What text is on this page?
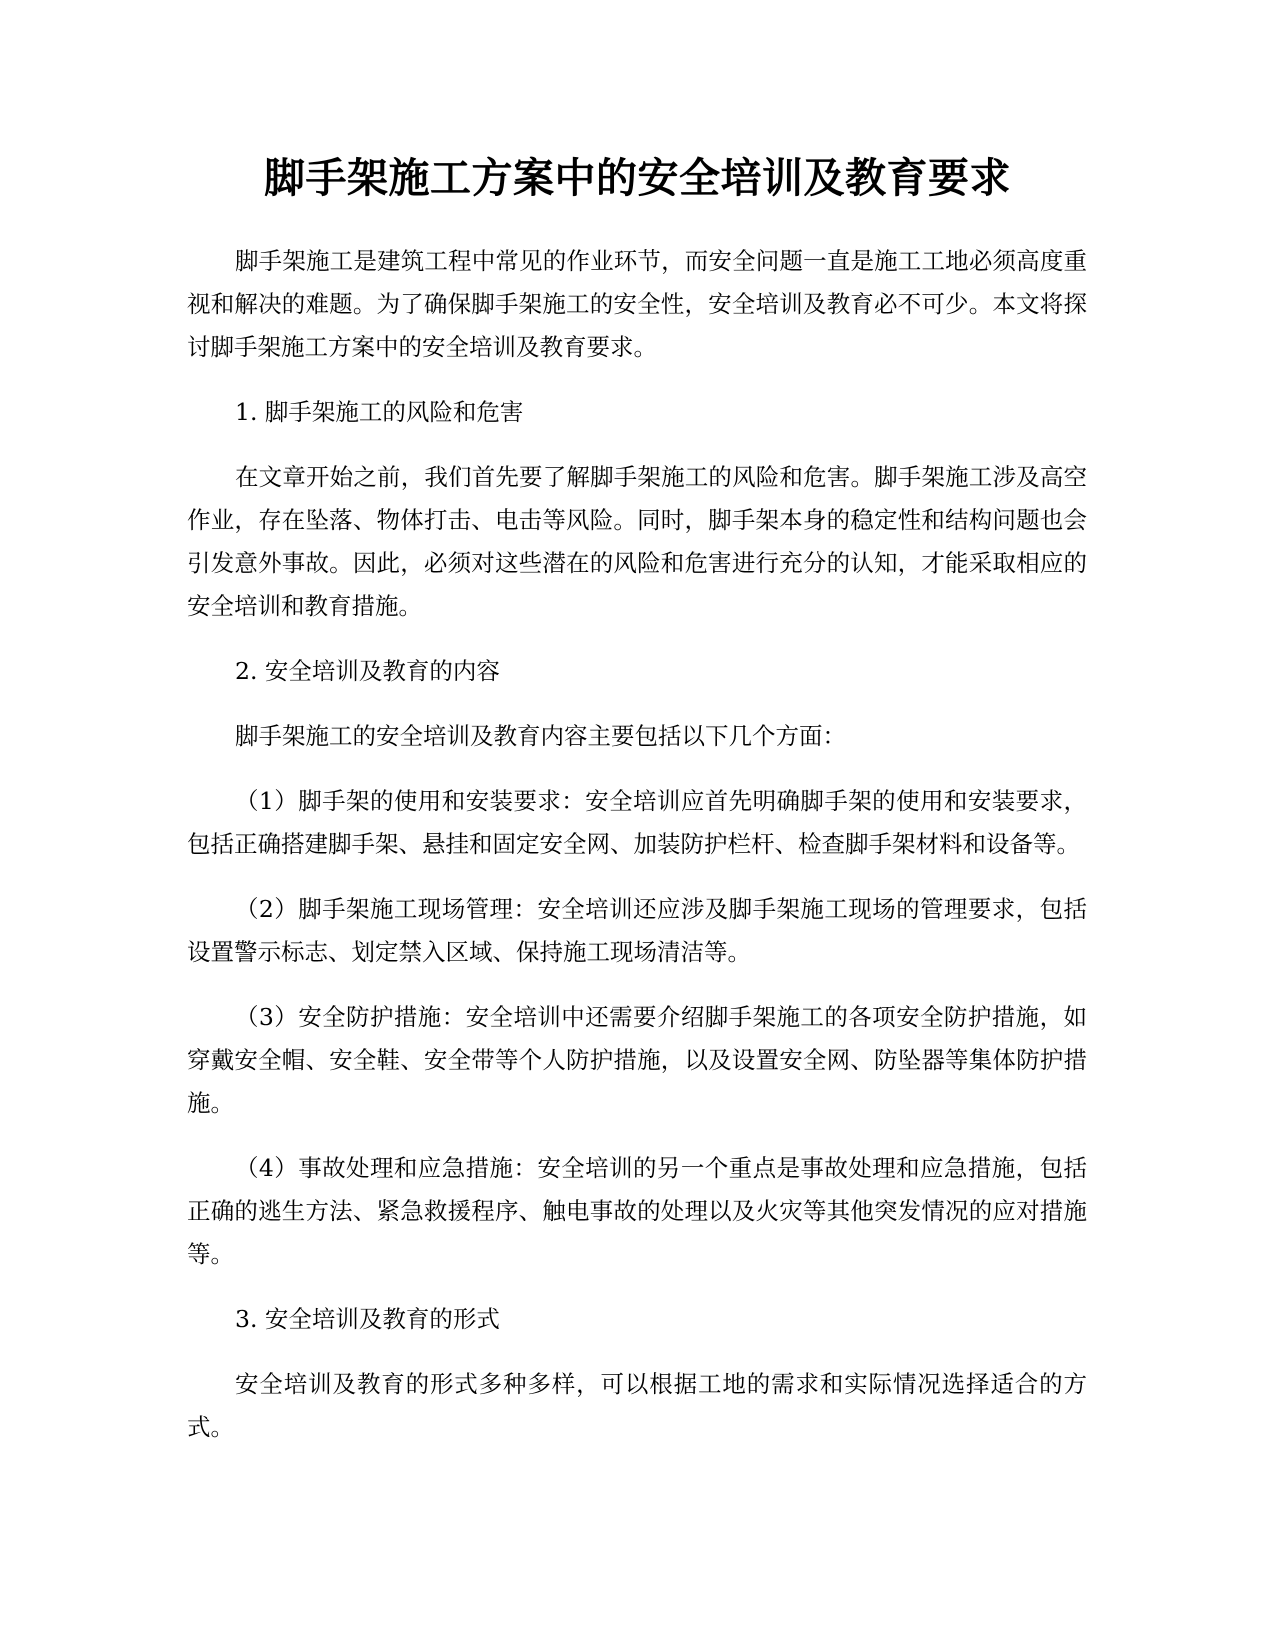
脚手架施工方案中的安全培训及教育要求

脚手架施工是建筑工程中常见的作业环节，而安全问题一直是施工工地必须高度重视和解决的难题。为了确保脚手架施工的安全性，安全培训及教育必不可少。本文将探讨脚手架施工方案中的安全培训及教育要求。

1. 脚手架施工的风险和危害

在文章开始之前，我们首先要了解脚手架施工的风险和危害。脚手架施工涉及高空作业，存在坠落、物体打击、电击等风险。同时，脚手架本身的稳定性和结构问题也会引发意外事故。因此，必须对这些潜在的风险和危害进行充分的认知，才能采取相应的安全培训和教育措施。

2. 安全培训及教育的内容

脚手架施工的安全培训及教育内容主要包括以下几个方面：

（1）脚手架的使用和安装要求：安全培训应首先明确脚手架的使用和安装要求，包括正确搭建脚手架、悬挂和固定安全网、加装防护栏杆、检查脚手架材料和设备等。

（2）脚手架施工现场管理：安全培训还应涉及脚手架施工现场的管理要求，包括设置警示标志、划定禁入区域、保持施工现场清洁等。

（3）安全防护措施：安全培训中还需要介绍脚手架施工的各项安全防护措施，如穿戴安全帽、安全鞋、安全带等个人防护措施，以及设置安全网、防坠器等集体防护措施。

（4）事故处理和应急措施：安全培训的另一个重点是事故处理和应急措施，包括正确的逃生方法、紧急救援程序、触电事故的处理以及火灾等其他突发情况的应对措施等。

3. 安全培训及教育的形式

安全培训及教育的形式多种多样，可以根据工地的需求和实际情况选择适合的方式。
